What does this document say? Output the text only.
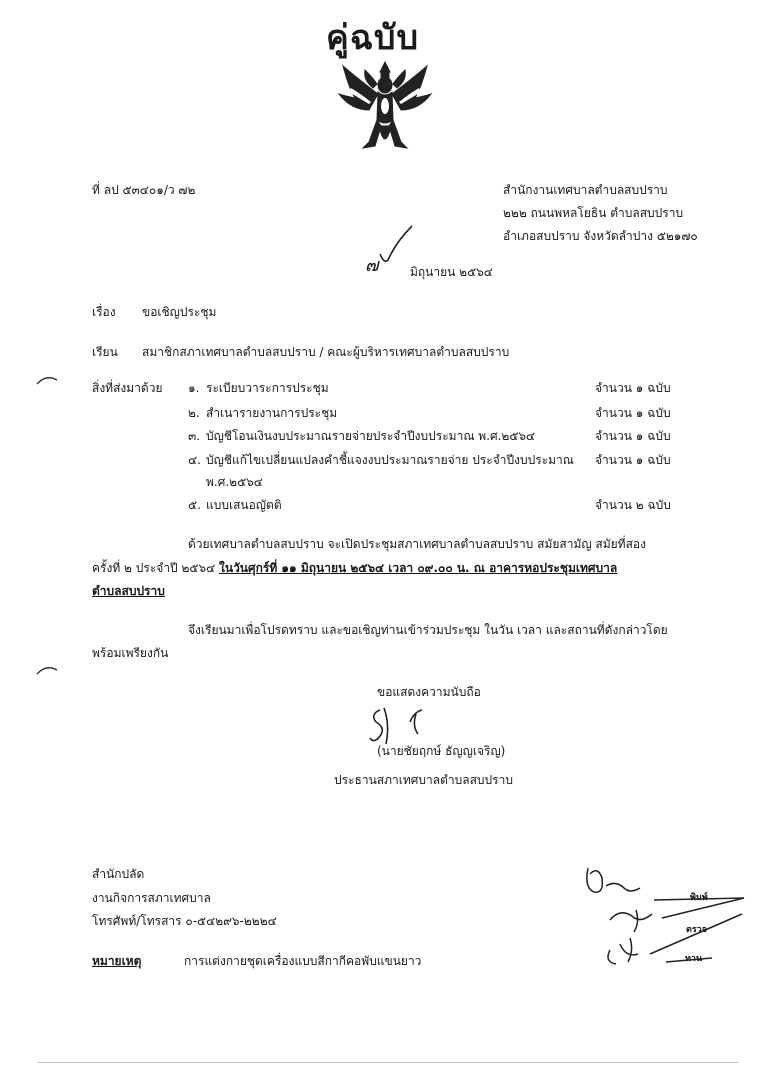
คู่ฉบับ
ที่ ลป ๕๓๔๐๑/ว ๗๒	สำนักงานเทศบาลตำบลสบปราบ
๒๒๒ ถนนพหลโยธิน ตำบลสบปราบ
อำเภอสบปราบ จังหวัดลำปาง ๕๒๑๗๐
๗	มิถุนายน ๒๕๖๔
เรื่อง ขอเชิญประชุม
เรียน สมาชิกสภาเทศบาลตำบลสบปราบ / คณะผู้บริหารเทศบาลตำบลสบปราบ
สิ่งที่ส่งมาด้วย ๑. ระเบียบวาระการประชุม	จำนวน ๑ ฉบับ
๒. สำเนารายงานการประชุม	จำนวน ๑ ฉบับ
๓. บัญชีโอนเงินงบประมาณรายจ่ายประจำปีงบประมาณ พ.ศ.๒๕๖๔	จำนวน ๑ ฉบับ
๔. บัญชีแก้ไขเปลี่ยนแปลงคำชี้แจงงบประมาณรายจ่าย ประจำปีงบประมาณ
พ.ศ.๒๕๖๔
จำนวน ๑ ฉบับ
๕. แบบเสนอญัตติ	จำนวน ๒ ฉบับ
ด้วยเทศบาลตำบลสบปราบ จะเปิดประชุมสภาเทศบาลตำบลสบปราบ สมัยสามัญ สมัยที่สอง
ครั้งที่ ๒ ประจำปี ๒๕๖๔ ในวันศุกร์ที่ ๑๑ มิถุนายน ๒๕๖๔ เวลา ๐๙.๐๐ น. ณ อาคารหอประชุมเทศบาล
ตำบลสบปราบ
จึงเรียนมาเพื่อโปรดทราบ และขอเชิญท่านเข้าร่วมประชุม ในวัน เวลา และสถานที่ดังกล่าวโดย
พร้อมเพรียงกัน
ขอแสดงความนับถือ
(นายชัยฤกษ์ ธัญญเจริญ)
ประธานสภาเทศบาลตำบลสบปราบ
สำนักปลัด
งานกิจการสภาเทศบาล
โทรศัพท์/โทรสาร ๐-๕๔๒๙๖-๒๒๒๔
หมายเหตุ	การแต่งกายชุดเครื่องแบบสีกากีคอพับแขนยาว
พิมพ์
ตรวจ
ทาน
